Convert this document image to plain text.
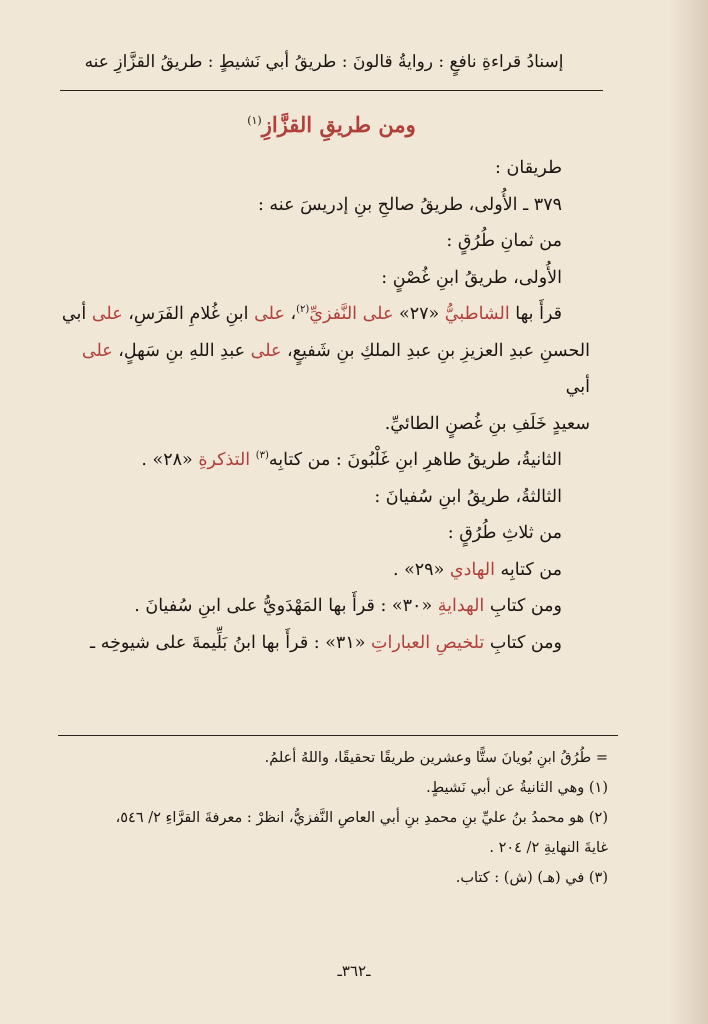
إسنادُ قراءةِ نافعٍ : روايةُ قالونَ : طريقُ أبي نَشيطٍ : طريقُ القزَّازِ عنه
ومن طريقِ القزَّازِ$^{(١)}$

طريقان :

٣٧٩ ـ الأُولى، طريقُ صالحِ بنِ إدريسَ عنه :

من ثمانِ طُرُقٍ :

الأُولى، طريقُ ابنِ غُصْنٍ :

قرأَ بها الشاطبيُّ «٢٧» على النَّفزيِّ$^{(٢)}$، على ابنِ غُلامِ الفَرَسِ، على أبي

الحسنِ عبدِ العزيزِ بنِ عبدِ الملكِ بنِ شَفيعٍ، على عبدِ اللهِ بنِ سَهلٍ، على أبي

سعيدٍ خَلَفِ بنِ غُصنٍ الطائيِّ.

الثانيةُ، طريقُ طاهرِ ابنِ غَلْبُونَ : من كتابِه$^{(٣)}$ التذكرةِ «٢٨» .

الثالثةُ، طريقُ ابنِ سُفيانَ :

من ثلاثِ طُرُقٍ :

من كتابِه الهادي «٢٩» .

ومن كتابِ الهدايةِ «٣٠» : قرأَ بها المَهْدَويُّ على ابنِ سُفيانَ .

ومن كتابِ تلخيصِ العباراتِ «٣١» : قرأَ بها ابنُ بَلِّيمةَ على شيوخِه ـ

= طُرُقُ ابنِ بُويانَ ستًّا وعشرين طريقًا تحقيقًا، واللهُ أعلمُ.

(١) وهي الثانيةُ عن أبي نَشيطٍ.

(٢) هو محمدُ بنُ عليِّ بنِ محمدِ بنِ أبي العاصِ النَّفزيُّ، انظرْ : معرفةَ القرَّاءِ ٢/ ٥٤٦،

غايةَ النهايةِ ٢/ ٢٠٤ .

(٣) في (هـ) (ش) : كتاب.

ـ٣٦٢ـ
